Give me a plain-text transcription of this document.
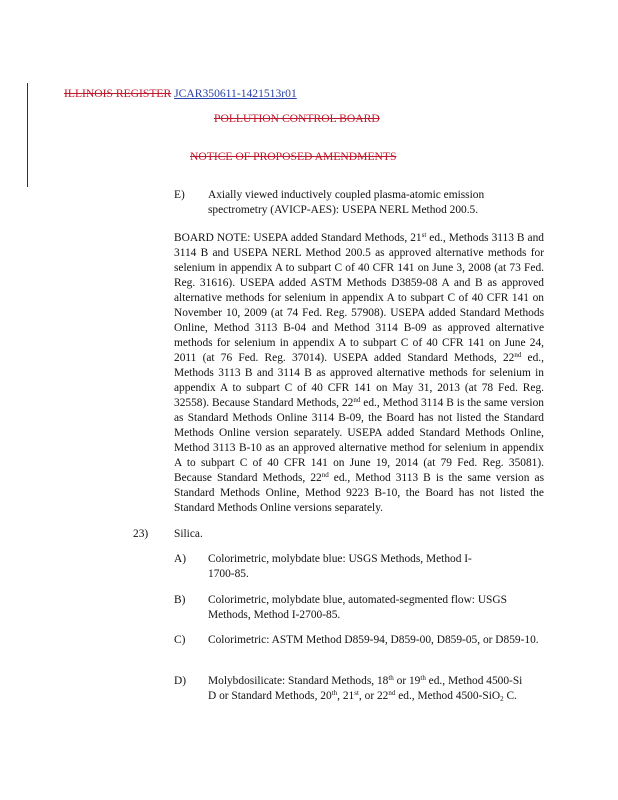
ILLINOIS REGISTER JCAR350611-1421513r01

POLLUTION CONTROL BOARD

NOTICE OF PROPOSED AMENDMENTS

E) Axially viewed inductively coupled plasma-atomic emission spectrometry (AVICP-AES): USEPA NERL Method 200.5.

BOARD NOTE: USEPA added Standard Methods, 21st ed., Methods 3113 B and 3114 B and USEPA NERL Method 200.5 as approved alternative methods for selenium in appendix A to subpart C of 40 CFR 141 on June 3, 2008 (at 73 Fed. Reg. 31616). USEPA added ASTM Methods D3859-08 A and B as approved alternative methods for selenium in appendix A to subpart C of 40 CFR 141 on November 10, 2009 (at 74 Fed. Reg. 57908). USEPA added Standard Methods Online, Method 3113 B-04 and Method 3114 B-09 as approved alternative methods for selenium in appendix A to subpart C of 40 CFR 141 on June 24, 2011 (at 76 Fed. Reg. 37014). USEPA added Standard Methods, 22nd ed., Methods 3113 B and 3114 B as approved alternative methods for selenium in appendix A to subpart C of 40 CFR 141 on May 31, 2013 (at 78 Fed. Reg. 32558). Because Standard Methods, 22nd ed., Method 3114 B is the same version as Standard Methods Online 3114 B-09, the Board has not listed the Standard Methods Online version separately. USEPA added Standard Methods Online, Method 3113 B-10 as an approved alternative method for selenium in appendix A to subpart C of 40 CFR 141 on June 19, 2014 (at 79 Fed. Reg. 35081). Because Standard Methods, 22nd ed., Method 3113 B is the same version as Standard Methods Online, Method 9223 B-10, the Board has not listed the Standard Methods Online versions separately.

23) Silica.

A) Colorimetric, molybdate blue: USGS Methods, Method I-1700-85.

B) Colorimetric, molybdate blue, automated-segmented flow: USGS Methods, Method I-2700-85.

C) Colorimetric: ASTM Method D859-94, D859-00, D859-05, or D859-10.

D) Molybdosilicate: Standard Methods, 18th or 19th ed., Method 4500-Si D or Standard Methods, 20th, 21st, or 22nd ed., Method 4500-SiO$_2$ C.
